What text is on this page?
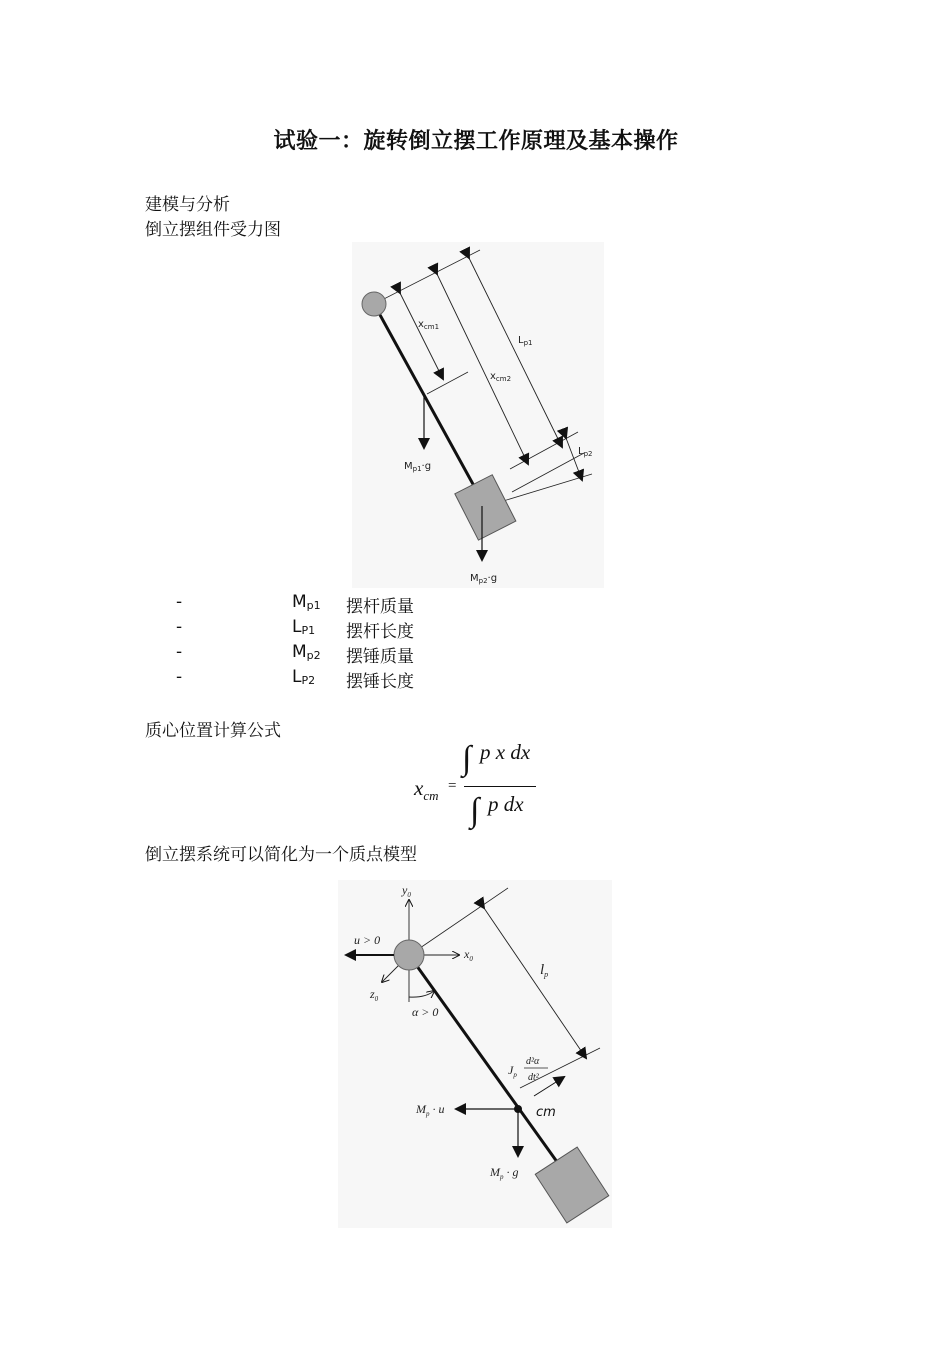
试验一：旋转倒立摆工作原理及基本操作
建模与分析
倒立摆组件受力图
$x_{cm1}$
$x_{cm2}$
$L_{p1}$
$L_{p2}$
$M_{p1}\cdot g$
$M_{p2}\cdot g$
-	$M_{p1}$ 摆杆质量
-	$L_{P1}$ 摆杆长度
-	$M_{p2}$ 摆锤质量
-	$L_{P2}$ 摆锤长度
质心位置计算公式
$x_{cm}$
=
∫ p x dx
∫ p dx
倒立摆系统可以简化为一个质点模型
$y_0$
$x_0$
$z_0$
u > 0
α > 0
$l_p$
$J_p$
d²α
dt²
$M_p \cdot u$
$M_p \cdot g$
cm
